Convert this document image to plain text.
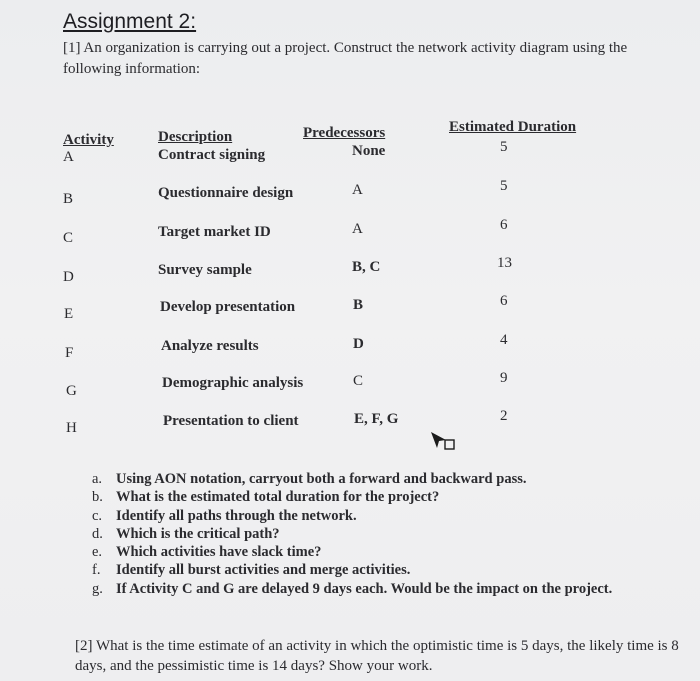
Assignment 2:
[1] An organization is carrying out a project. Construct the network activity diagram using the following information:
Activity	Description	Predecessors	Estimated Duration
A	Contract signing	None	5
B	Questionnaire design	A	5
C	Target market ID	A	6
D	Survey sample	B, C	13
E	Develop presentation	B	6
F	Analyze results	D	4
G	Demographic analysis	C	9
H	Presentation to client	E, F, G	2
a. Using AON notation, carryout both a forward and backward pass.
b. What is the estimated total duration for the project?
c. Identify all paths through the network.
d. Which is the critical path?
e. Which activities have slack time?
f. Identify all burst activities and merge activities.
g. If Activity C and G are delayed 9 days each. Would be the impact on the project.
[2] What is the time estimate of an activity in which the optimistic time is 5 days, the likely time is 8 days, and the pessimistic time is 14 days? Show your work.
